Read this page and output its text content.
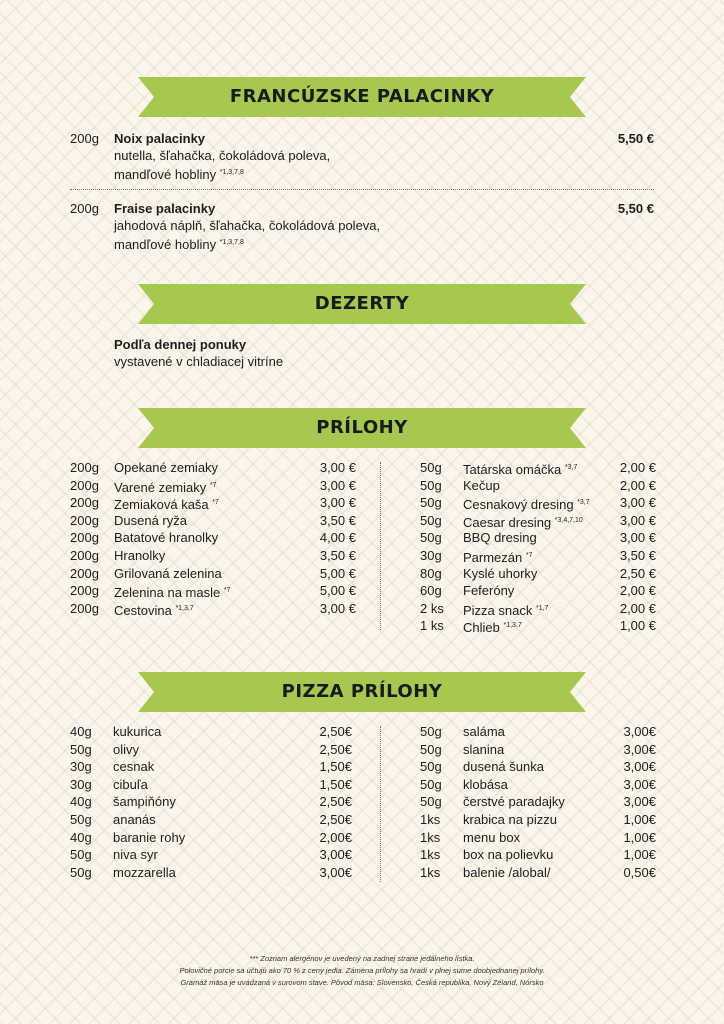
FRANCÚZSKE PALACINKY
200g Noix palacinky
nutella, šľahačka, čokoládová poleva,
mandľové hobliny $^{*1,3,7,8}$
5,50 €
200g Fraise palacinky
jahodová náplň, šľahačka, čokoládová poleva,
mandľové hobliny $^{*1,3,7,8}$
5,50 €
DEZERTY
Podľa dennej ponuky
vystavené v chladiacej vitríne
PRÍLOHY
200g Opekané zemiaky	3,00 €
200g Varené zemiaky $^{*7}$	3,00 €
200g Zemiaková kaša $^{*7}$	3,00 €
200g Dusená ryža	3,50 €
200g Batatové hranolky	4,00 €
200g Hranolky	3,50 €
200g Grilovaná zelenina	5,00 €
200g Zelenina na masle $^{*7}$	5,00 €
200g Cestovina $^{*1,3,7}$	3,00 €
50g Tatárska omáčka $^{*3,7}$	2,00 €
50g Kečup	2,00 €
50g Cesnakový dresing $^{*3,7}$ 3,00 €
50g Caesar dresing $^{*3,4,7,10}$	3,00 €
50g BBQ dresing	3,00 €
30g Parmezán $^{*7}$	3,50 €
80g Kyslé uhorky	2,50 €
60g Feferóny	2,00 €
2 ks Pizza snack $^{*1,7}$	2,00 €
1 ks Chlieb $^{*1,3,7}$	1,00 €
PIZZA PRÍLOHY
40g kukurica	2,50€
50g olivy	2,50€
30g cesnak	1,50€
30g cibuľa	1,50€
40g šampiňóny	2,50€
50g ananás	2,50€
40g baranie rohy	2,00€
50g niva syr	3,00€
50g mozzarella	3,00€
50g saláma	3,00€
50g slanina	3,00€
50g dusená šunka	3,00€
50g klobása	3,00€
50g čerstvé paradajky	3,00€
1ks krabica na pizzu	1,00€
1ks menu box	1,00€
1ks box na polievku	1,00€
1ks balenie /alobal/	0,50€
*** Zoznam alergénov je uvedený na zadnej strane jedálneho lístka.
Polovičné porcie sa účtujú ako 70 % z ceny jedla. Zámena prílohy sa hradí v plnej sume doobjednanej prílohy.
Gramáž mäsa je uvádzaná v surovom stave. Pôvod mäsa: Slovensko, Česká republika, Nový Zéland, Nórsko
